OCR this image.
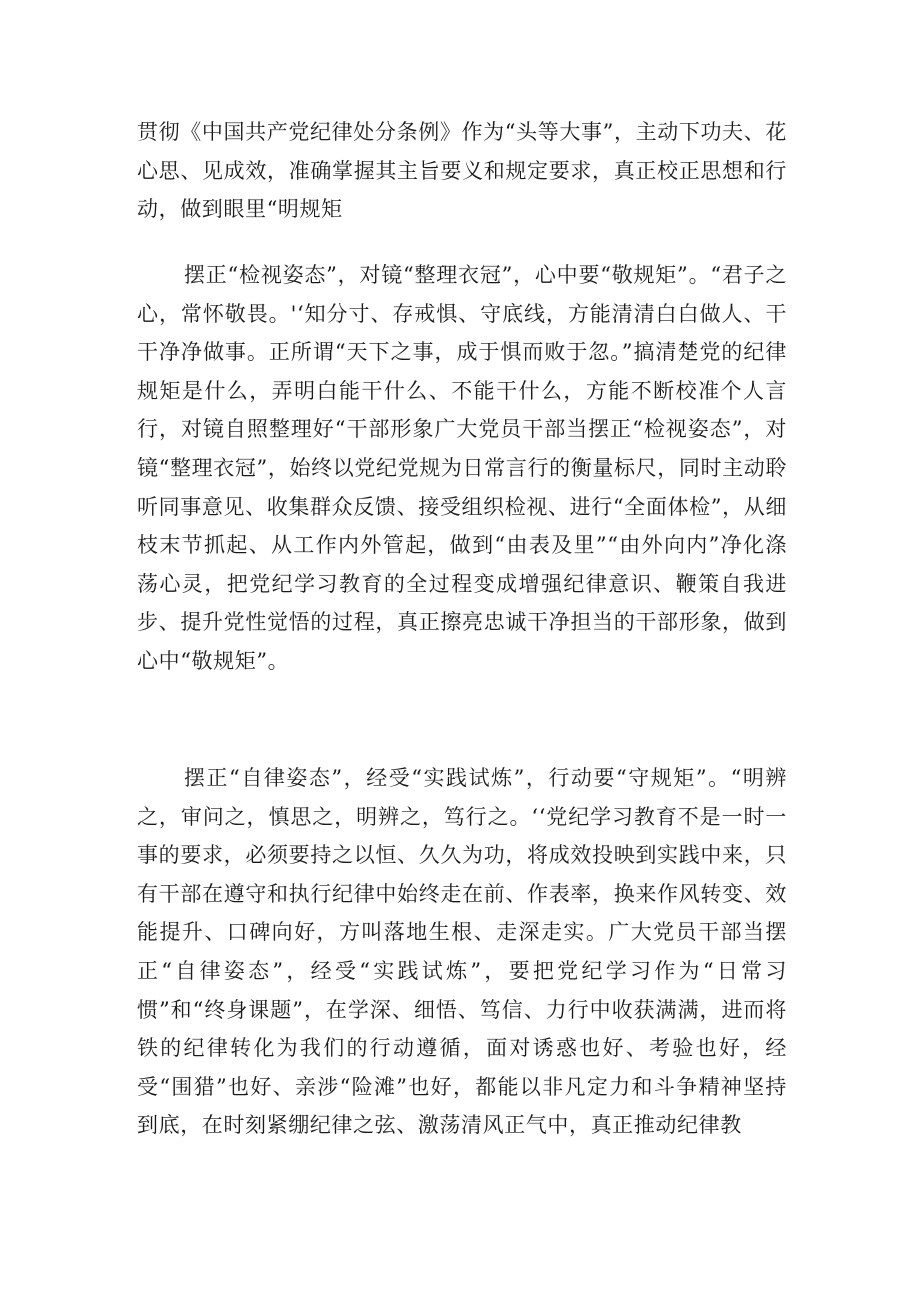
贯彻《中国共产党纪律处分条例》作为“头等大事”，主动下功夫、花心思、见成效，准确掌握其主旨要义和规定要求，真正校正思想和行动，做到眼里“明规矩

摆正“检视姿态”，对镜“整理衣冠”，心中要“敬规矩”。“君子之心，常怀敬畏。'‘知分寸、存戒惧、守底线，方能清清白白做人、干干净净做事。正所谓“天下之事，成于惧而败于忽。”搞清楚党的纪律规矩是什么，弄明白能干什么、不能干什么，方能不断校准个人言行，对镜自照整理好“干部形象广大党员干部当摆正“检视姿态”，对镜“整理衣冠”，始终以党纪党规为日常言行的衡量标尺，同时主动聆听同事意见、收集群众反馈、接受组织检视、进行“全面体检”，从细枝末节抓起、从工作内外管起，做到“由表及里”“由外向内”净化涤荡心灵，把党纪学习教育的全过程变成增强纪律意识、鞭策自我进步、提升党性觉悟的过程，真正擦亮忠诚干净担当的干部形象，做到心中“敬规矩”。

摆正“自律姿态”，经受“实践试炼”，行动要“守规矩”。“明辨之，审问之，慎思之，明辨之，笃行之。‘‘党纪学习教育不是一时一事的要求，必须要持之以恒、久久为功，将成效投映到实践中来，只有干部在遵守和执行纪律中始终走在前、作表率，换来作风转变、效能提升、口碑向好，方叫落地生根、走深走实。广大党员干部当摆正“自律姿态”，经受“实践试炼”，要把党纪学习作为“日常习惯”和“终身课题”，在学深、细悟、笃信、力行中收获满满，进而将铁的纪律转化为我们的行动遵循，面对诱惑也好、考验也好，经受“围猎”也好、亲涉“险滩”也好，都能以非凡定力和斗争精神坚持到底，在时刻紧绷纪律之弦、激荡清风正气中，真正推动纪律教
